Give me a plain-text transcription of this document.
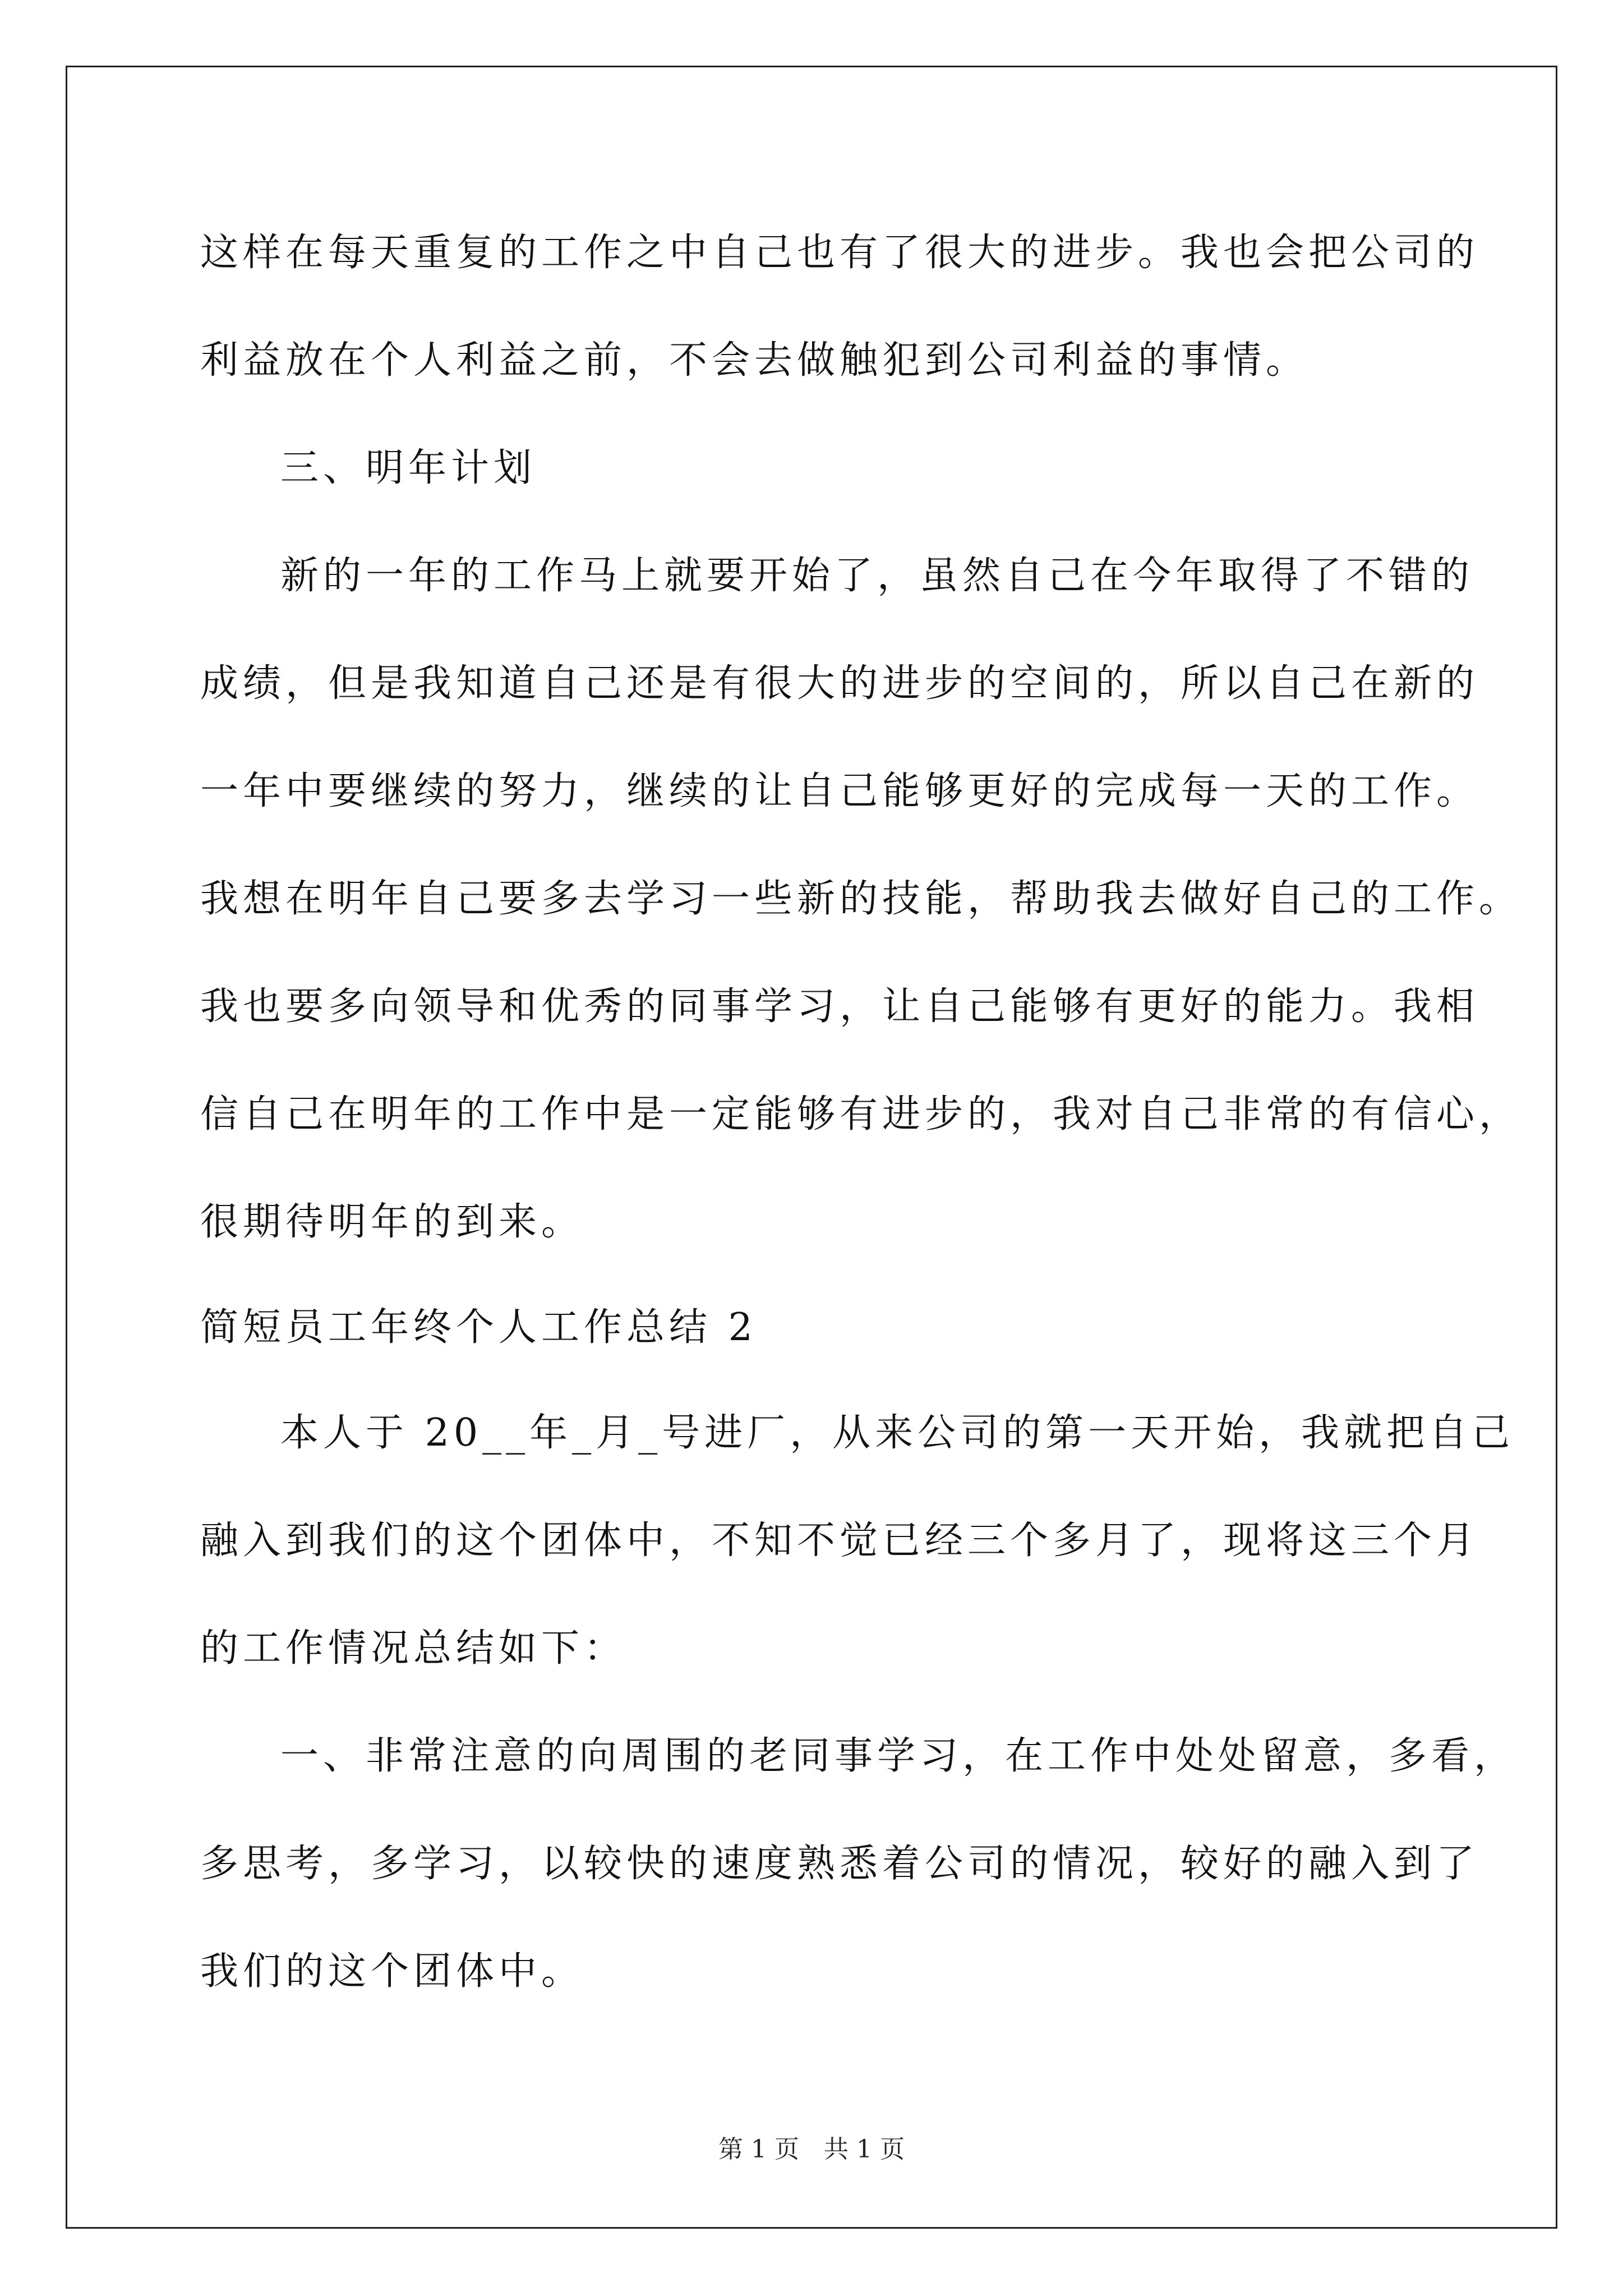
这样在每天重复的工作之中自己也有了很大的进步。我也会把公司的
利益放在个人利益之前，不会去做触犯到公司利益的事情。
三、明年计划
新的一年的工作马上就要开始了，虽然自己在今年取得了不错的
成绩，但是我知道自己还是有很大的进步的空间的，所以自己在新的
一年中要继续的努力，继续的让自己能够更好的完成每一天的工作。
我想在明年自己要多去学习一些新的技能，帮助我去做好自己的工作。
我也要多向领导和优秀的同事学习，让自己能够有更好的能力。我相
信自己在明年的工作中是一定能够有进步的，我对自己非常的有信心，
很期待明年的到来。
简短员工年终个人工作总结 2
本人于 20__年_月_号进厂，从来公司的第一天开始，我就把自己
融入到我们的这个团体中，不知不觉已经三个多月了，现将这三个月
的工作情况总结如下：
一、非常注意的向周围的老同事学习，在工作中处处留意，多看，
多思考，多学习，以较快的速度熟悉着公司的情况，较好的融入到了
我们的这个团体中。
第 1 页 共 1 页
